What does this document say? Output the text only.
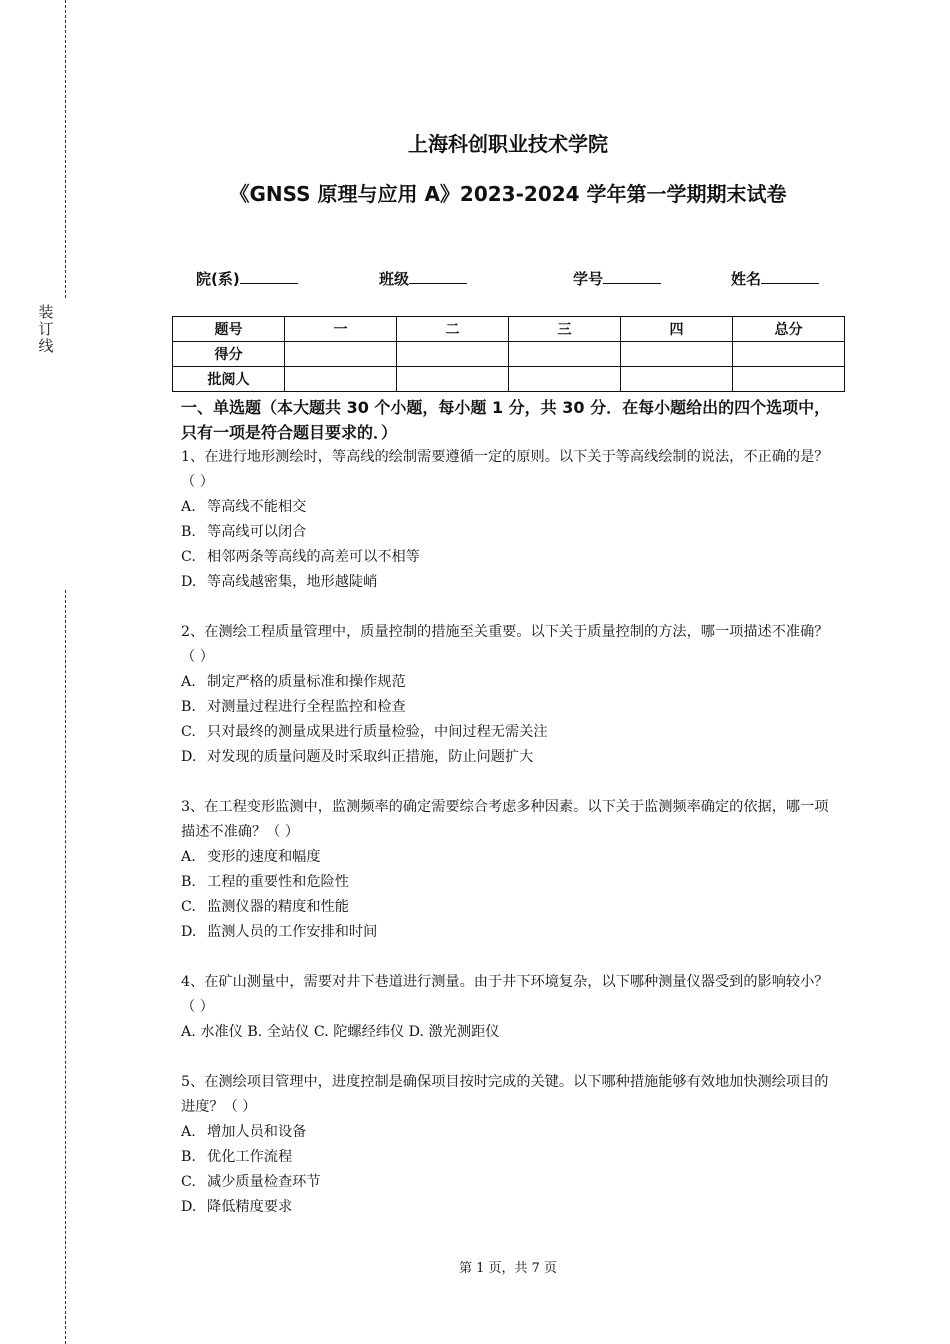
装
订
线
上海科创职业技术学院
《GNSS 原理与应用 A》2023-2024 学年第一学期期末试卷
院(系)	班级	学号	姓名
题号	一	二	三	四	总分
得分					
批阅人					

一、单选题（本大题共 30 个小题，每小题 1 分，共 30 分．在每小题给出的四个选项中，只有一项是符合题目要求的．）

1、在进行地形测绘时，等高线的绘制需要遵循一定的原则。以下关于等高线绘制的说法，不正确的是？（ ）

A. 等高线不能相交

B. 等高线可以闭合

C. 相邻两条等高线的高差可以不相等

D. 等高线越密集，地形越陡峭

2、在测绘工程质量管理中，质量控制的措施至关重要。以下关于质量控制的方法，哪一项描述不准确？（ ）

A. 制定严格的质量标准和操作规范

B. 对测量过程进行全程监控和检查

C. 只对最终的测量成果进行质量检验，中间过程无需关注

D. 对发现的质量问题及时采取纠正措施，防止问题扩大

3、在工程变形监测中，监测频率的确定需要综合考虑多种因素。以下关于监测频率确定的依据，哪一项描述不准确？（ ）

A. 变形的速度和幅度

B. 工程的重要性和危险性

C. 监测仪器的精度和性能

D. 监测人员的工作安排和时间

4、在矿山测量中，需要对井下巷道进行测量。由于井下环境复杂，以下哪种测量仪器受到的影响较小？（ ）

A. 水准仪 B. 全站仪 C. 陀螺经纬仪 D. 激光测距仪

5、在测绘项目管理中，进度控制是确保项目按时完成的关键。以下哪种措施能够有效地加快测绘项目的进度？（ ）

A. 增加人员和设备

B. 优化工作流程

C. 减少质量检查环节

D. 降低精度要求

第 1 页，共 7 页
